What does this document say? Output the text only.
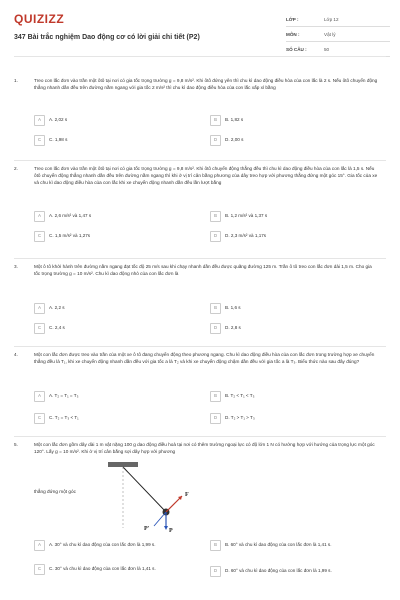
QUIZIZZ
347 Bài trắc nghiệm Dao động cơ có lời giải chi tiết (P2)
LỚP :	Lớp 12
MÔN :	Vật lý
SỐ CÂU :	50
1.	Treo con lắc đơn vào trần một ôtô tại nơi có gia tốc trọng trường g = 9,8 m/s². Khi ôtô đứng yên thì chu kì dao động điều hòa của con lắc là 2 s. Nếu ôtô chuyển động thẳng nhanh dần đều trên đường nằm ngang với gia tốc 2 m/s² thì chu kì dao động điều hòa của con lắc xấp xỉ bằng
A	A. 2,02 s	B	B. 1,82 s
C	C. 1,98 s	D	D. 2,00 s
2.	Treo con lắc đơn vào trần một ôtô tại nơi có gia tốc trọng trường g = 9,8 m/s². Khi ôtô chuyển động thẳng đều thì chu kì dao động điều hòa của con lắc là 1,5 s. Nếu ôtô chuyển động thẳng nhanh dần đều trên đường nằm ngang thì khi ở vị trí cân bằng phương của dây treo hợp với phương thẳng đứng một góc 15°. Gia tốc của xe và chu kì dao động điều hòa của con lắc khi xe chuyển động nhanh dần đều lần lượt bằng
A	A. 2,6 m/s² và 1,47 s	B	B. 1,2 m/s² và 1,37 s
C	C. 1,5 m/s² và 1,27s	D	D. 2,3 m/s² và 1,17s
3.	Một ô tô khởi hành trên đường nằm ngang đạt tốc độ 25 m/s sau khi chạy nhanh dần đều được quãng đường 125 m. Trần ô tô treo con lắc đơn dài 1,5 m. Cho gia tốc trọng trường g = 10 m/s². Chu kì dao động nhỏ của con lắc đơn là
A	A. 2,2 s	B	B. 1,6 s
C	C. 2,4 s	D	D. 2,8 s
4.	Một con lắc đơn được treo vào trần của một xe ô tô đang chuyển động theo phương ngang. Chu kì dao động điều hòa của con lắc đơn trong trường hợp xe chuyển thẳng đều là T₁, khi xe chuyển động nhanh dần đều với gia tốc a là T₂ và khi xe chuyển động chậm dần đều với gia tốc a là T₃. Biểu thức nào sau đây đúng?
A	A. T₂ = T₁ = T₃	B	B. T₂ < T₁ < T₃
C	C. T₂ = T₃ < T₁	D	D. T₂ > T₁ > T₃
5.	Một con lắc đơn gồm dây dài 1 m vật nặng 100 g dao động điều hoà tại nơi có thêm trường ngoại lực có độ lớn 1 N có hướng hợp với hướng của trọng lực một góc 120°. Lấy g = 10 m/s². Khi ở vị trí cân bằng sợi dây hợp với phương
thẳng đứng một góc
F
P
P'
A	A. 30° và chu kì dao động của con lắc đơn là 1,99 s.	B	B. 60° và chu kì dao động của con lắc đơn là 1,41 s.
C	C. 30° và chu kì dao động của con lắc đơn là 1,41 s.	D	D. 60° và chu kì dao động của con lắc đơn là 1,99 s.
